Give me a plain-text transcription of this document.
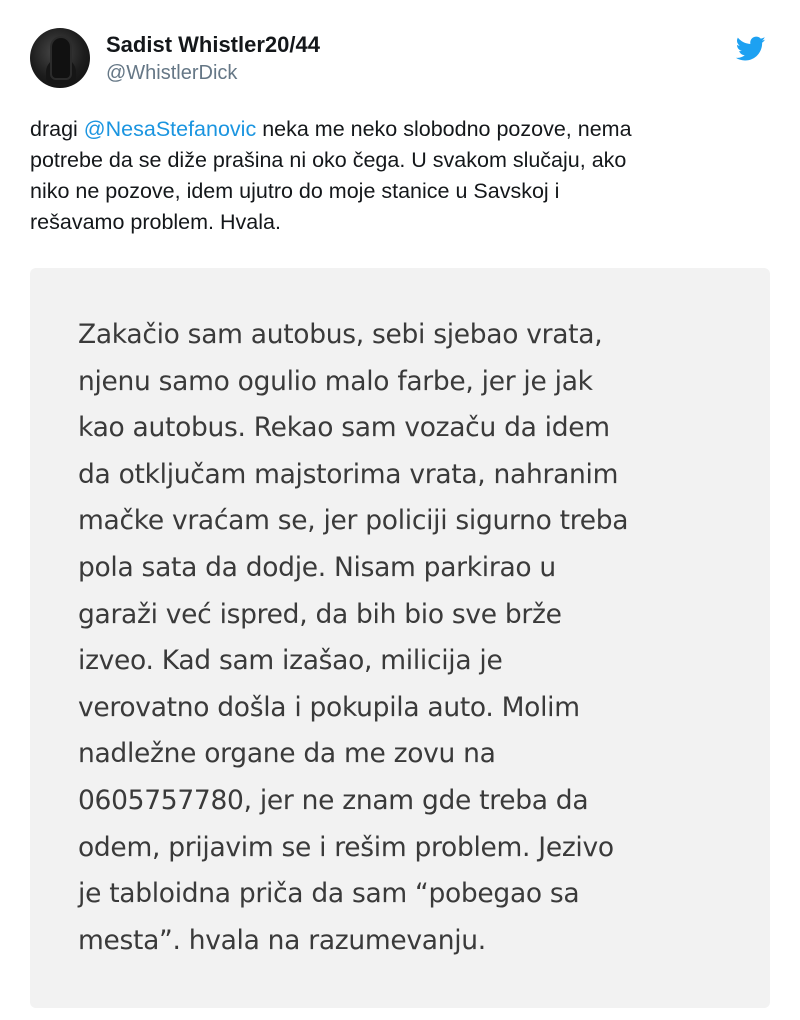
Sadist Whistler20/44
@WhistlerDick

dragi @NesaStefanovic neka me neko slobodno pozove, nema
potrebe da se diže prašina ni oko čega. U svakom slučaju, ako
niko ne pozove, idem ujutro do moje stanice u Savskoj i
rešavamo problem. Hvala.

Zakačio sam autobus, sebi sjebao vrata,
njenu samo ogulio malo farbe, jer je jak
kao autobus. Rekao sam vozaču da idem
da otključam majstorima vrata, nahranim
mačke vraćam se, jer policiji sigurno treba
pola sata da dodje. Nisam parkirao u
garaži već ispred, da bih bio sve brže
izveo. Kad sam izašao, milicija je
verovatno došla i pokupila auto. Molim
nadležne organe da me zovu na
0605757780, jer ne znam gde treba da
odem, prijavim se i rešim problem. Jezivo
je tabloidna priča da sam “pobegao sa
mesta”. hvala na razumevanju.
